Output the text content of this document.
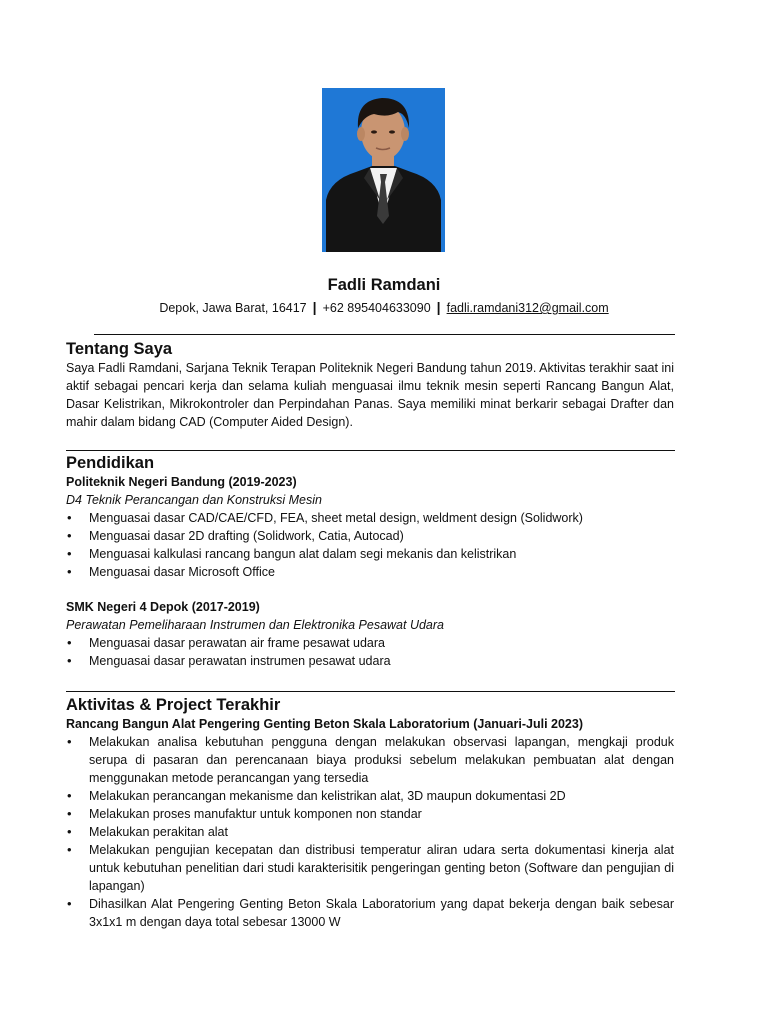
Fadli Ramdani
Depok, Jawa Barat, 16417 | +62 895404633090 | fadli.ramdani312@gmail.com
Tentang Saya

Saya Fadli Ramdani, Sarjana Teknik Terapan Politeknik Negeri Bandung tahun 2019. Aktivitas terakhir saat ini aktif sebagai pencari kerja dan selama kuliah menguasai ilmu teknik mesin seperti Rancang Bangun Alat, Dasar Kelistrikan, Mikrokontroler dan Perpindahan Panas. Saya memiliki minat berkarir sebagai Drafter dan mahir dalam bidang CAD (Computer Aided Design).

Pendidikan

Politeknik Negeri Bandung (2019-2023)

D4 Teknik Perancangan dan Konstruksi Mesin

• Menguasai dasar CAD/CAE/CFD, FEA, sheet metal design, weldment design (Solidwork)
• Menguasai dasar 2D drafting (Solidwork, Catia, Autocad)
• Menguasai kalkulasi rancang bangun alat dalam segi mekanis dan kelistrikan
• Menguasai dasar Microsoft Office

SMK Negeri 4 Depok (2017-2019)

Perawatan Pemeliharaan Instrumen dan Elektronika Pesawat Udara

• Menguasai dasar perawatan air frame pesawat udara
• Menguasai dasar perawatan instrumen pesawat udara
Aktivitas & Project Terakhir

Rancang Bangun Alat Pengering Genting Beton Skala Laboratorium (Januari-Juli 2023)

• Melakukan analisa kebutuhan pengguna dengan melakukan observasi lapangan, mengkaji produk serupa di pasaran dan perencanaan biaya produksi sebelum melakukan pembuatan alat dengan menggunakan metode perancangan yang tersedia
• Melakukan perancangan mekanisme dan kelistrikan alat, 3D maupun dokumentasi 2D
• Melakukan proses manufaktur untuk komponen non standar
• Melakukan perakitan alat
• Melakukan pengujian kecepatan dan distribusi temperatur aliran udara serta dokumentasi kinerja alat untuk kebutuhan penelitian dari studi karakterisitik pengeringan genting beton (Software dan pengujian di lapangan)
• Dihasilkan Alat Pengering Genting Beton Skala Laboratorium yang dapat bekerja dengan baik sebesar 3x1x1 m dengan daya total sebesar 13000 W
